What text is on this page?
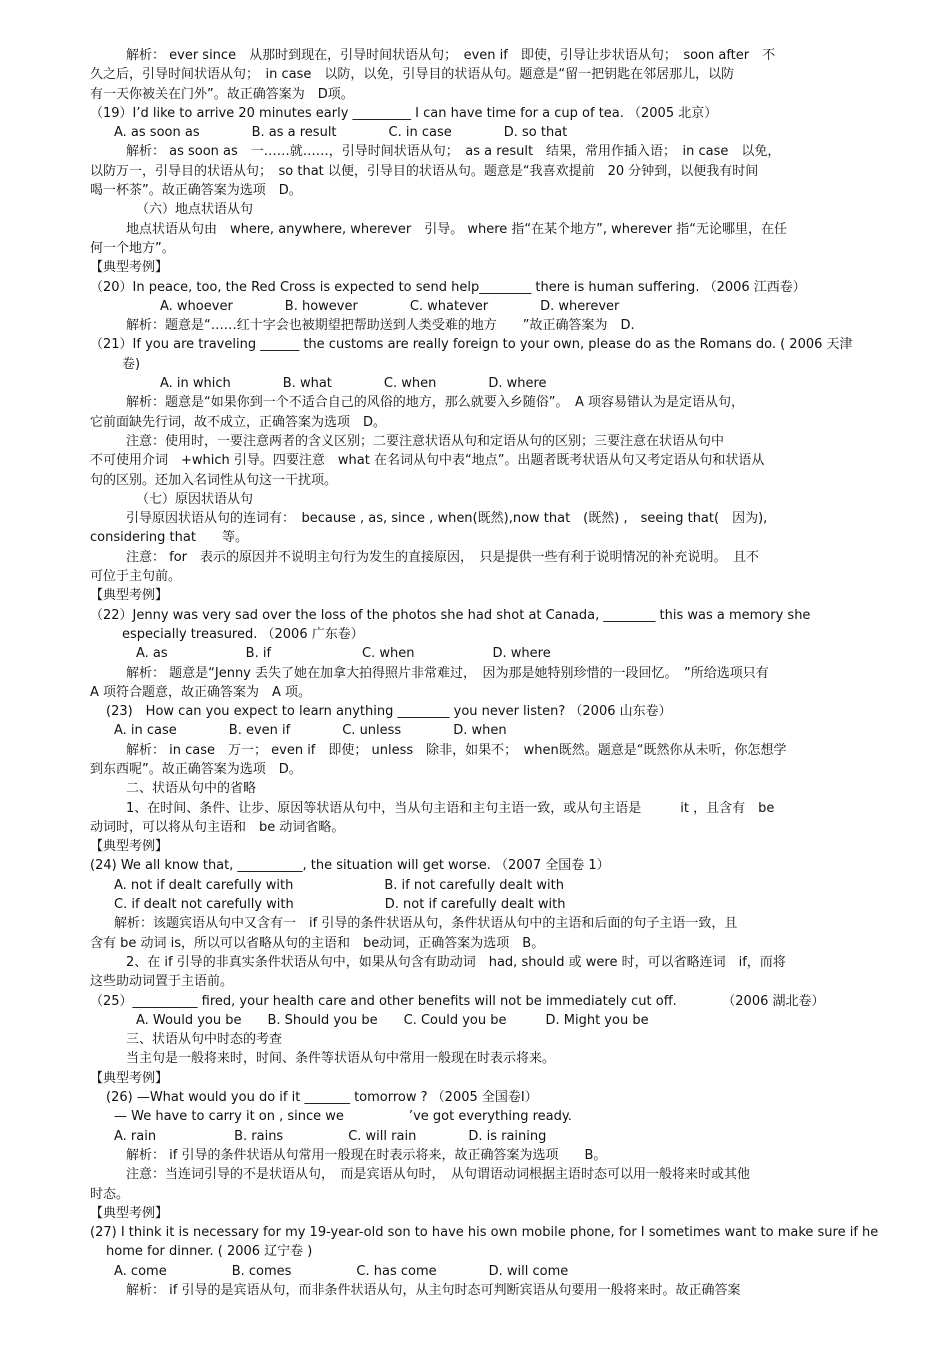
解析： ever since　从那时到现在，引导时间状语从句；　even if　即使，引导让步状语从句；　soon after　不
久之后，引导时间状语从句；　in case　以防，以免，引导目的状语从句。题意是“留一把钥匙在邻居那儿，以防
有一天你被关在门外”。故正确答案为　D项。
（19）I’d like to arrive 20 minutes early _________ I can have time for a cup of tea. （2005 北京）
A. as soon as　　　　B. as a result　　　　C. in case　　　　D. so that
解析： as soon as　一……就……，引导时间状语从句；　as a result　结果，常用作插入语；　in case　以免，
以防万一，引导目的状语从句；　so that 以便，引导目的状语从句。题意是“我喜欢提前　20 分钟到，以便我有时间
喝一杯茶”。故正确答案为选项　D。
（六）地点状语从句
地点状语从句由　where, anywhere, wherever　引导。 where 指“在某个地方”, wherever 指“无论哪里，在任
何一个地方”。
【典型考例】
（20）In peace, too, the Red Cross is expected to send help________ there is human suffering. （2006 江西卷）
A. whoever　　　　B. however　　　　C. whatever　　　　D. wherever
解析：题意是“……红十字会也被期望把帮助送到人类受难的地方　　”故正确答案为　D.
（21）If you are traveling ______ the customs are really foreign to your own, please do as the Romans do. ( 2006 天津
卷)
A. in which　　　　B. what　　　　C. when　　　　D. where
解析：题意是“如果你到一个不适合自己的风俗的地方，那么就要入乡随俗”。　A 项容易错认为是定语从句，
它前面缺先行词，故不成立，正确答案为选项　D。
注意：使用时，一要注意两者的含义区别；二要注意状语从句和定语从句的区别；三要注意在状语从句中
不可使用介词　+which 引导。四要注意　what 在名词从句中表“地点”。出题者既考状语从句又考定语从句和状语从
句的区别。还加入名词性从句这一干扰项。
（七）原因状语从句
引导原因状语从句的连词有：　because , as, since , when(既然),now that　(既然) ,　seeing that(　因为),
considering that　　等。
注意： for　表示的原因并不说明主句行为发生的直接原因，　只是提供一些有利于说明情况的补充说明。　且不
可位于主句前。
【典型考例】
（22）Jenny was very sad over the loss of the photos she had shot at Canada, ________ this was a memory she
especially treasured. （2006 广东卷）
A. as　　　　　　B. if　　　　　　　C. when　　　　　　D. where
解析： 题意是“Jenny 丢失了她在加拿大拍得照片非常难过，　因为那是她特别珍惜的一段回忆。　”所给选项只有
A 项符合题意，故正确答案为　A 项。
(23)　How can you expect to learn anything ________ you never listen? （2006 山东卷）
A. in case　　　　B. even if　　　　C. unless　　　　D. when
解析： in case　万一； even if　即使； unless　除非，如果不；　when既然。题意是“既然你从未听，你怎想学
到东西呢”。故正确答案为选项　D。
二、状语从句中的省略
1、在时间、条件、让步、原因等状语从句中，当从句主语和主句主语一致，或从句主语是　　　it ，且含有　be
动词时，可以将从句主语和　be 动词省略。
【典型考例】
(24) We all know that, __________, the situation will get worse. （2007 全国卷 1）
A. not if dealt carefully with　　　　　　　B. if not carefully dealt with
C. if dealt not carefully with　　　　　　　D. not if carefully dealt with
解析：该题宾语从句中又含有一　if 引导的条件状语从句，条件状语从句中的主语和后面的句子主语一致，且
含有 be 动词 is，所以可以省略从句的主语和　be动词，正确答案为选项　B。
2、在 if 引导的非真实条件状语从句中，如果从句含有助动词　had, should 或 were 时，可以省略连词　if，而将
这些助动词置于主语前。
（25）__________ fired, your health care and other benefits will not be immediately cut off.　　　　（2006 湖北卷）
A. Would you be　　B. Should you be　　C. Could you be　　　D. Might you be
三、状语从句中时态的考查
当主句是一般将来时，时间、条件等状语从句中常用一般现在时表示将来。
【典型考例】
(26) —What would you do if it _______ tomorrow ? （2005 全国卷Ⅰ）
— We have to carry it on , since we　　　　　’ve got everything ready.
A. rain　　　　　　B. rains　　　　　C. will rain　　　　D. is raining
解析： if 引导的条件状语从句常用一般现在时表示将来，故正确答案为选项　　B。
注意：当连词引导的不是状语从句，　而是宾语从句时，　从句谓语动词根据主语时态可以用一般将来时或其他
时态。
【典型考例】
(27) I think it is necessary for my 19-year-old son to have his own mobile phone, for I sometimes want to make sure if he
home for dinner. ( 2006 辽宁卷 )
A. come　　　　　B. comes　　　　　C. has come　　　　D. will come
解析： if 引导的是宾语从句，而非条件状语从句，从主句时态可判断宾语从句要用一般将来时。故正确答案
